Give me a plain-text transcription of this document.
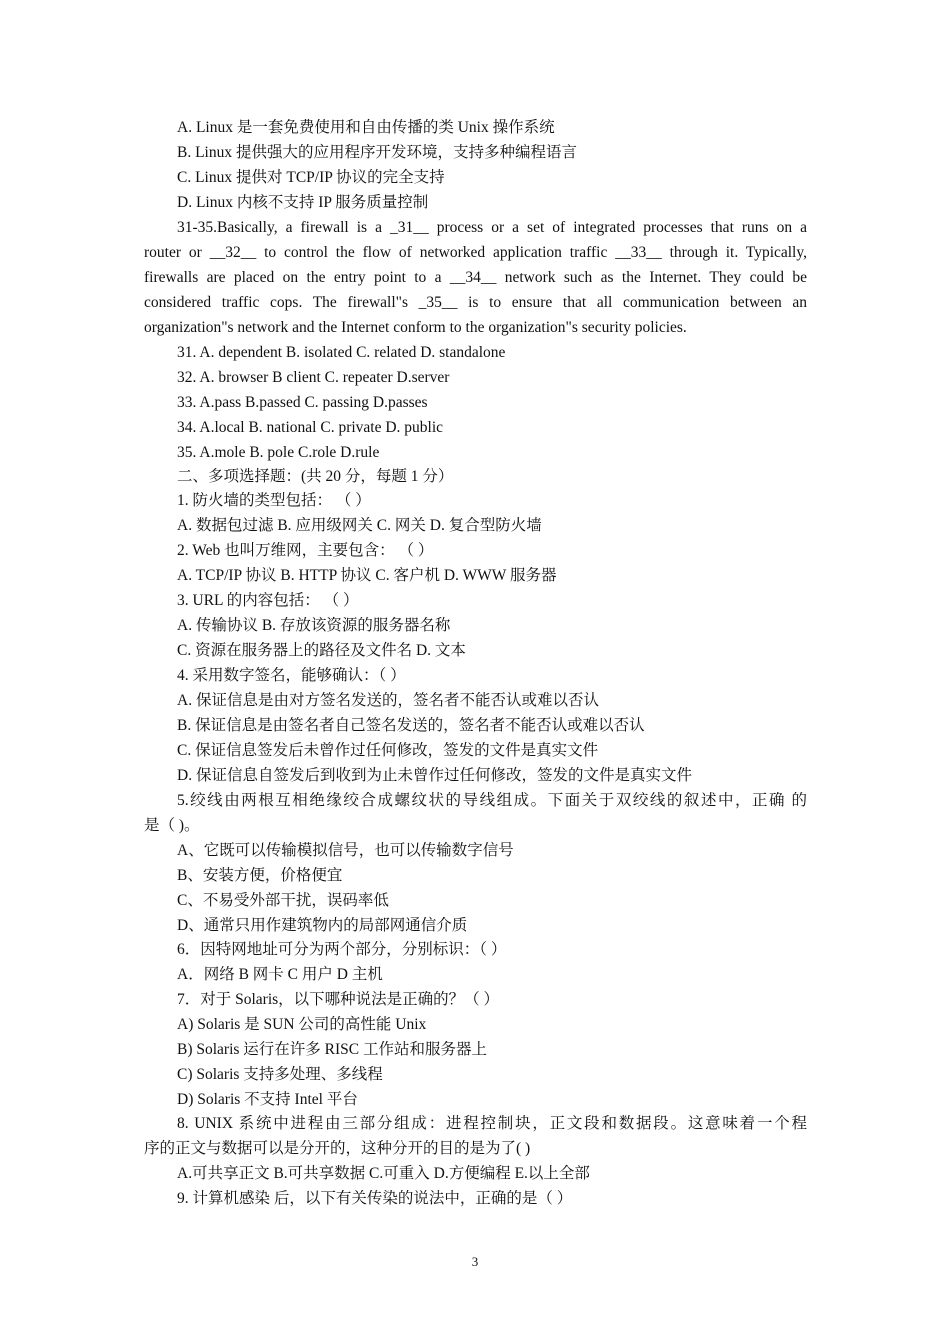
A. Linux 是一套免费使用和自由传播的类 Unix 操作系统
B. Linux 提供强大的应用程序开发环境，支持多种编程语言
C. Linux 提供对 TCP/IP 协议的完全支持
D. Linux 内核不支持 IP 服务质量控制
31-35.Basically, a firewall is a _31__ process or a set of integrated processes that runs on a
router or __32__ to control the flow of networked application traffic __33__ through it. Typically,
firewalls are placed on the entry point to a __34__ network such as the Internet. They could be
considered traffic cops. The firewall"s _35__ is to ensure that all communication between an
organization"s network and the Internet conform to the organization"s security policies.
31. A. dependent B. isolated C. related D. standalone
32. A. browser B client C. repeater D.server
33. A.pass B.passed C. passing D.passes
34. A.local B. national C. private D. public
35. A.mole B. pole C.role D.rule
二、多项选择题：(共 20 分，每题 1 分）
1. 防火墙的类型包括： （ ）
A. 数据包过滤 B. 应用级网关 C. 网关 D. 复合型防火墙
2. Web 也叫万维网，主要包含： （ ）
A. TCP/IP 协议 B. HTTP 协议 C. 客户机 D. WWW 服务器
3. URL 的内容包括： （ ）
A. 传输协议 B. 存放该资源的服务器名称
C. 资源在服务器上的路径及文件名 D. 文本
4. 采用数字签名，能够确认：（ ）
A. 保证信息是由对方签名发送的，签名者不能否认或难以否认
B. 保证信息是由签名者自己签名发送的，签名者不能否认或难以否认
C. 保证信息签发后未曾作过任何修改，签发的文件是真实文件
D. 保证信息自签发后到收到为止未曾作过任何修改，签发的文件是真实文件
5.绞线由两根互相绝缘绞合成螺纹状的导线组成。下面关于双绞线的叙述中，正确 的
是（ )。
A、它既可以传输模拟信号，也可以传输数字信号
B、安装方便，价格便宜
C、不易受外部干扰，误码率低
D、通常只用作建筑物内的局部网通信介质
6．因特网地址可分为两个部分，分别标识：（ ）
A．网络 B 网卡 C 用户 D 主机
7．对于 Solaris，以下哪种说法是正确的？（ ）
A) Solaris 是 SUN 公司的高性能 Unix
B) Solaris 运行在许多 RISC 工作站和服务器上
C) Solaris 支持多处理、多线程
D) Solaris 不支持 Intel 平台
8. UNIX 系统中进程由三部分组成：进程控制块，正文段和数据段。这意味着一个程
序的正文与数据可以是分开的，这种分开的目的是为了( )
A.可共享正文 B.可共享数据 C.可重入 D.方便编程 E.以上全部
9. 计算机感染 后，以下有关传染的说法中，正确的是（ ）
3
